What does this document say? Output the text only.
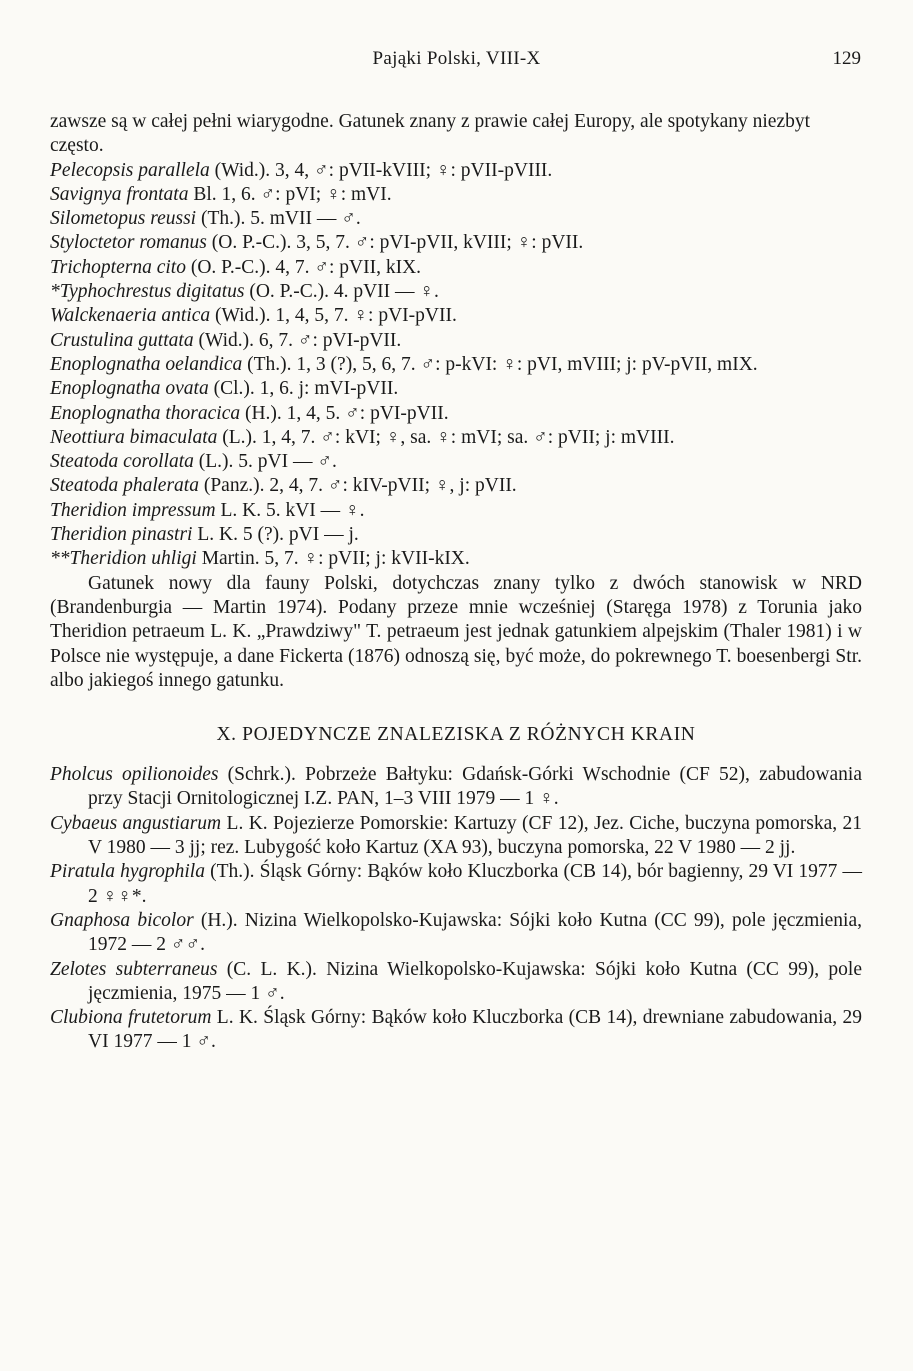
Pająki Polski, VIII-X	129

zawsze są w całej pełni wiarygodne. Gatunek znany z prawie całej Europy, ale spotykany niezbyt często.

Pelecopsis parallela (Wid.). 3, 4, ♂: pVII-kVIII; ♀: pVII-pVIII.

Savignya frontata Bl. 1, 6. ♂: pVI; ♀: mVI.

Silometopus reussi (Th.). 5. mVII — ♂.

Styloctetor romanus (O. P.-C.). 3, 5, 7. ♂: pVI-pVII, kVIII; ♀: pVII.

Trichopterna cito (O. P.-C.). 4, 7. ♂: pVII, kIX.

*Typhochrestus digitatus (O. P.-C.). 4. pVII — ♀.

Walckenaeria antica (Wid.). 1, 4, 5, 7. ♀: pVI-pVII.

Crustulina guttata (Wid.). 6, 7. ♂: pVI-pVII.

Enoplognatha oelandica (Th.). 1, 3 (?), 5, 6, 7. ♂: p-kVI: ♀: pVI, mVIII; j: pV-pVII, mIX.

Enoplognatha ovata (Cl.). 1, 6. j: mVI-pVII.

Enoplognatha thoracica (H.). 1, 4, 5. ♂: pVI-pVII.

Neottiura bimaculata (L.). 1, 4, 7. ♂: kVI; ♀, sa. ♀: mVI; sa. ♂: pVII; j: mVIII.

Steatoda corollata (L.). 5. pVI — ♂.

Steatoda phalerata (Panz.). 2, 4, 7. ♂: kIV-pVII; ♀, j: pVII.

Theridion impressum L. K. 5. kVI — ♀.

Theridion pinastri L. K. 5 (?). pVI — j.

**Theridion uhligi Martin. 5, 7. ♀: pVII; j: kVII-kIX.

Gatunek nowy dla fauny Polski, dotychczas znany tylko z dwóch stanowisk w NRD (Brandenburgia — Martin 1974). Podany przeze mnie wcześniej (Staręga 1978) z Torunia jako Theridion petraeum L. K. „Prawdziwy" T. petraeum jest jednak gatunkiem alpejskim (Thaler 1981) i w Polsce nie występuje, a dane Fickerta (1876) odnoszą się, być może, do pokrewnego T. boesenbergi Str. albo jakiegoś innego gatunku.

X. POJEDYNCZE ZNALEZISKA Z RÓŻNYCH KRAIN

Pholcus opilionoides (Schrk.). Pobrzeże Bałtyku: Gdańsk-Górki Wschodnie (CF 52), zabudowania przy Stacji Ornitologicznej I.Z. PAN, 1–3 VIII 1979 — 1 ♀.

Cybaeus angustiarum L. K. Pojezierze Pomorskie: Kartuzy (CF 12), Jez. Ciche, buczyna pomorska, 21 V 1980 — 3 jj; rez. Lubygość koło Kartuz (XA 93), buczyna pomorska, 22 V 1980 — 2 jj.

Piratula hygrophila (Th.). Śląsk Górny: Bąków koło Kluczborka (CB 14), bór bagienny, 29 VI 1977 — 2 ♀♀*.

Gnaphosa bicolor (H.). Nizina Wielkopolsko-Kujawska: Sójki koło Kutna (CC 99), pole jęczmienia, 1972 — 2 ♂♂.

Zelotes subterraneus (C. L. K.). Nizina Wielkopolsko-Kujawska: Sójki koło Kutna (CC 99), pole jęczmienia, 1975 — 1 ♂.

Clubiona frutetorum L. K. Śląsk Górny: Bąków koło Kluczborka (CB 14), drewniane zabudowania, 29 VI 1977 — 1 ♂.
